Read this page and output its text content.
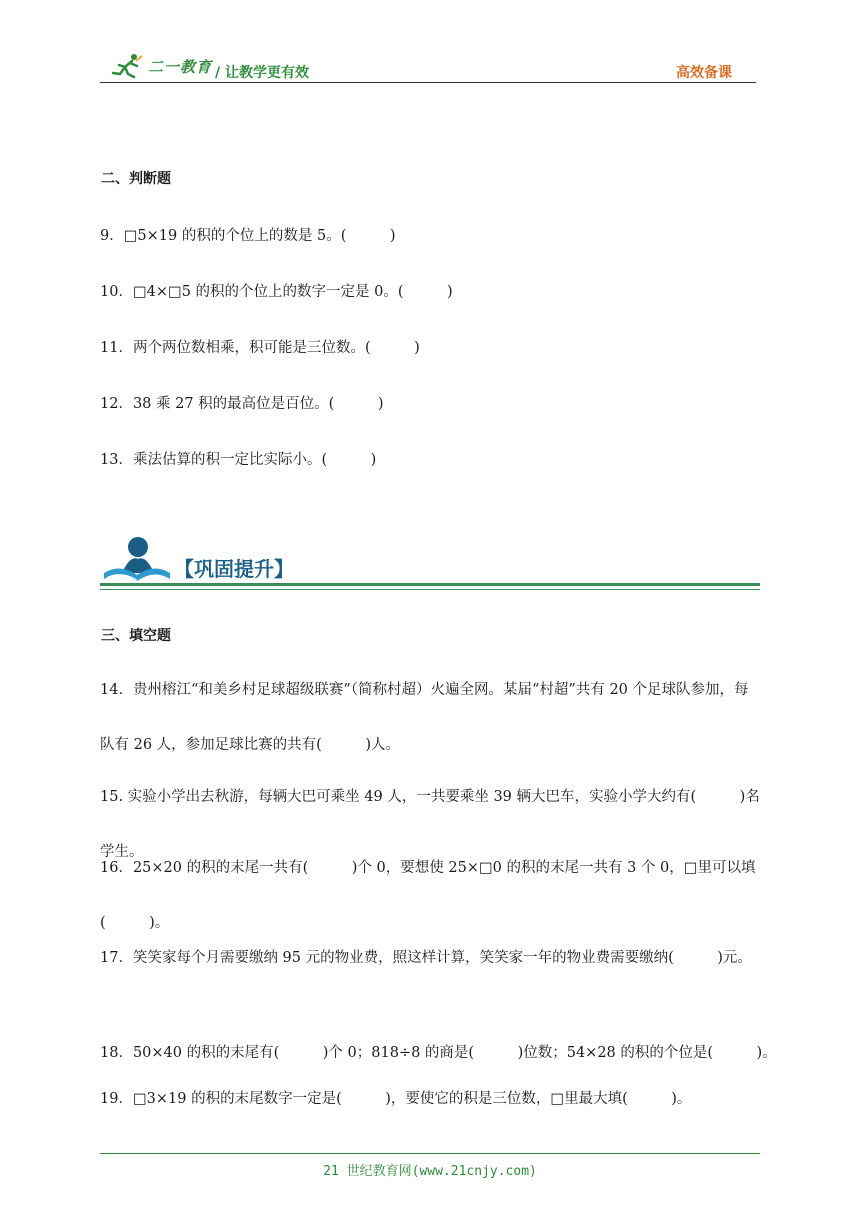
二一教育 / 让教学更有效	高效备课
二、判断题
9．□5×19 的积的个位上的数是 5。(　　　)
10．□4×□5 的积的个位上的数字一定是 0。(　　　)
11．两个两位数相乘，积可能是三位数。(　　　)
12．38 乘 27 积的最高位是百位。(　　　)
13．乘法估算的积一定比实际小。(　　　)
【巩固提升】
三、填空题
14．贵州榕江“和美乡村足球超级联赛”（简称村超）火遍全网。某届“村超”共有 20 个足球队参加，每队有 26 人，参加足球比赛的共有(　　　)人。
15. 实验小学出去秋游，每辆大巴可乘坐 49 人，一共要乘坐 39 辆大巴车，实验小学大约有(　　　)名学生。
16．25×20 的积的末尾一共有(　　　)个 0，要想使 25×□0 的积的末尾一共有 3 个 0，□里可以填(　　　)。
17．笑笑家每个月需要缴纳 95 元的物业费，照这样计算，笑笑家一年的物业费需要缴纳(　　　)元。
18．50×40 的积的末尾有(　　　)个 0；818÷8 的商是(　　　)位数；54×28 的积的个位是(　　　)。
19．□3×19 的积的末尾数字一定是(　　　)，要使它的积是三位数，□里最大填(　　　)。
21 世纪教育网(www.21cnjy.com)
